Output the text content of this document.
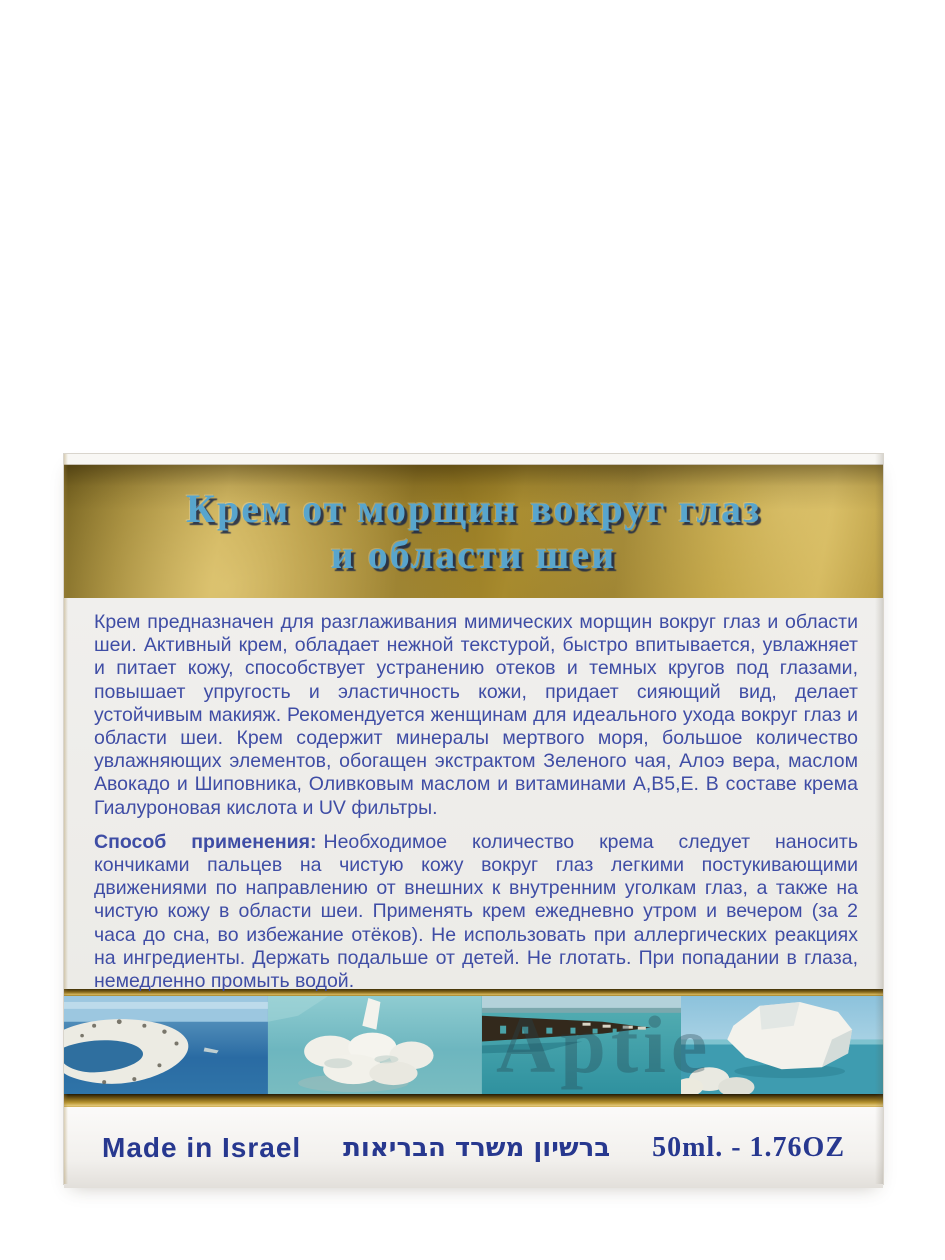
Крем от морщин вокруг глаз
и области шеи

Крем предназначен для разглаживания мимических морщин вокруг глаз и области шеи. Активный крем, обладает нежной текстурой, быстро впитывается, увлажняет и питает кожу, способствует устранению отеков и темных кругов под глазами, повышает упругость и эластичность кожи, придает сияющий вид, делает устойчивым макияж. Рекомендуется женщинам для идеального ухода вокруг глаз и области шеи. Крем содержит минералы мертвого моря, большое количество увлажняющих элементов, обогащен экстрактом Зеленого чая, Алоэ вера, маслом Авокадо и Шиповника, Оливковым маслом и витаминами А,В5,Е. В составе крема Гиалуроновая кислота и UV фильтры.

Способ применения: Необходимое количество крема следует наносить кончиками пальцев на чистую кожу вокруг глаз легкими постукивающими движениями по направлению от внешних к внутренним уголкам глаз, а также на чистую кожу в области шеи. Применять крем ежедневно утром и вечером (за 2 часа до сна, во избежание отёков). Не использовать при аллергических реакциях на ингредиенты. Держать подальше от детей. Не глотать. При попадании в глаза, немедленно промыть водой.

Aptie
Made in Israel ברשיון משרד הבריאות 50ml. - 1.76OZ
